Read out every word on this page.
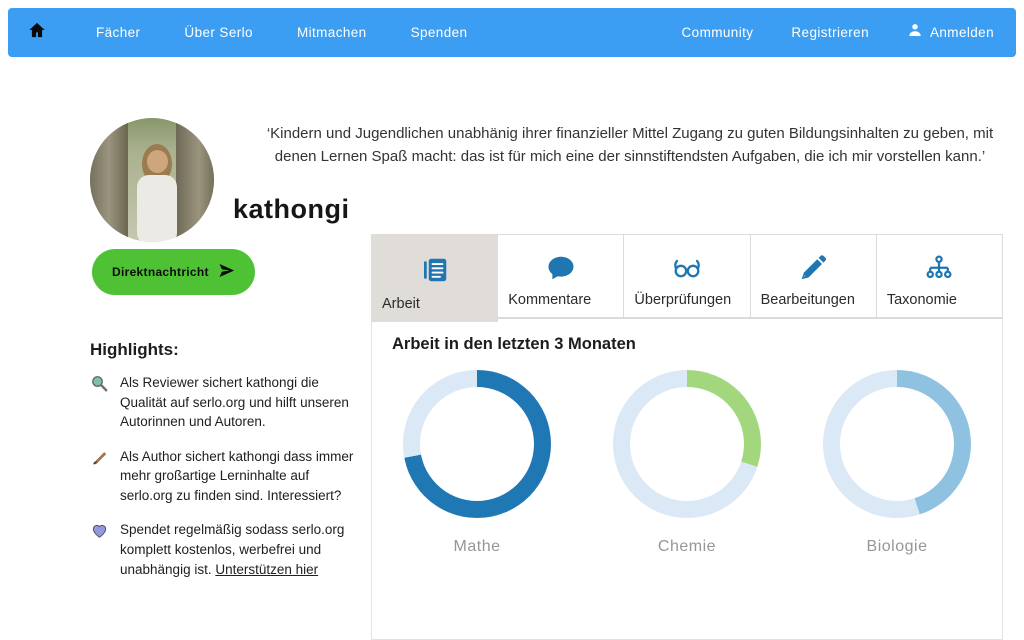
Fächer	Über Serlo	Mitmachen	Spenden	Community	Registrieren	Anmelden

‘Kindern und Jugendlichen unabhänig ihrer finanzieller Mittel Zugang zu guten Bildungsinhalten zu geben, mit denen Lernen Spaß macht: das ist für mich eine der sinnstiftendsten Aufgaben, die ich mir vorstellen kann.’

kathongi
Direktnachtricht
Highlights:
Als Reviewer sichert kathongi die Qualität auf serlo.org und hilft unseren Autorinnen und Autoren.
Als Author sichert kathongi dass immer mehr großartige Lerninhalte auf serlo.org zu finden sind. Interessiert?
Spendet regelmäßig sodass serlo.org komplett kostenlos, werbefrei und unabhängig ist. Unterstützen hier
Arbeit	Kommentare	Überprüfungen	Bearbeitungen	Taxonomie
Arbeit in den letzten 3 Monaten
Mathe	Chemie	Biologie
